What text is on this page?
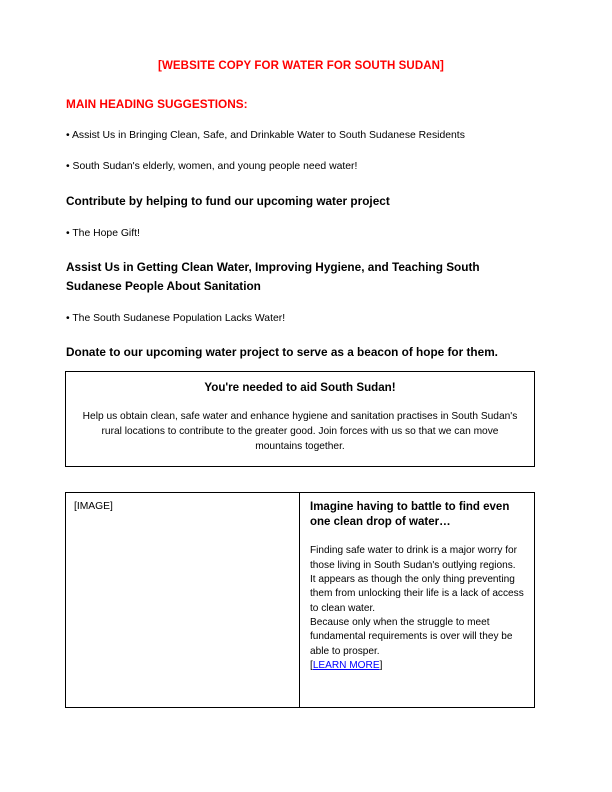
[WEBSITE COPY FOR WATER FOR SOUTH SUDAN]
MAIN HEADING SUGGESTIONS:
• Assist Us in Bringing Clean, Safe, and Drinkable Water to South Sudanese Residents
• South Sudan's elderly, women, and young people need water!
Contribute by helping to fund our upcoming water project
• The Hope Gift!
Assist Us in Getting Clean Water, Improving Hygiene, and Teaching South Sudanese People About Sanitation
• The South Sudanese Population Lacks Water!
Donate to our upcoming water project to serve as a beacon of hope for them.
You're needed to aid South Sudan!
Help us obtain clean, safe water and enhance hygiene and sanitation practises in South Sudan's rural locations to contribute to the greater good. Join forces with us so that we can move mountains together.
[IMAGE]	Imagine having to battle to find even one clean drop of water…

Finding safe water to drink is a major worry for those living in South Sudan's outlying regions.

It appears as though the only thing preventing them from unlocking their life is a lack of access to clean water.

Because only when the struggle to meet fundamental requirements is over will they be able to prosper.

[LEARN MORE]
